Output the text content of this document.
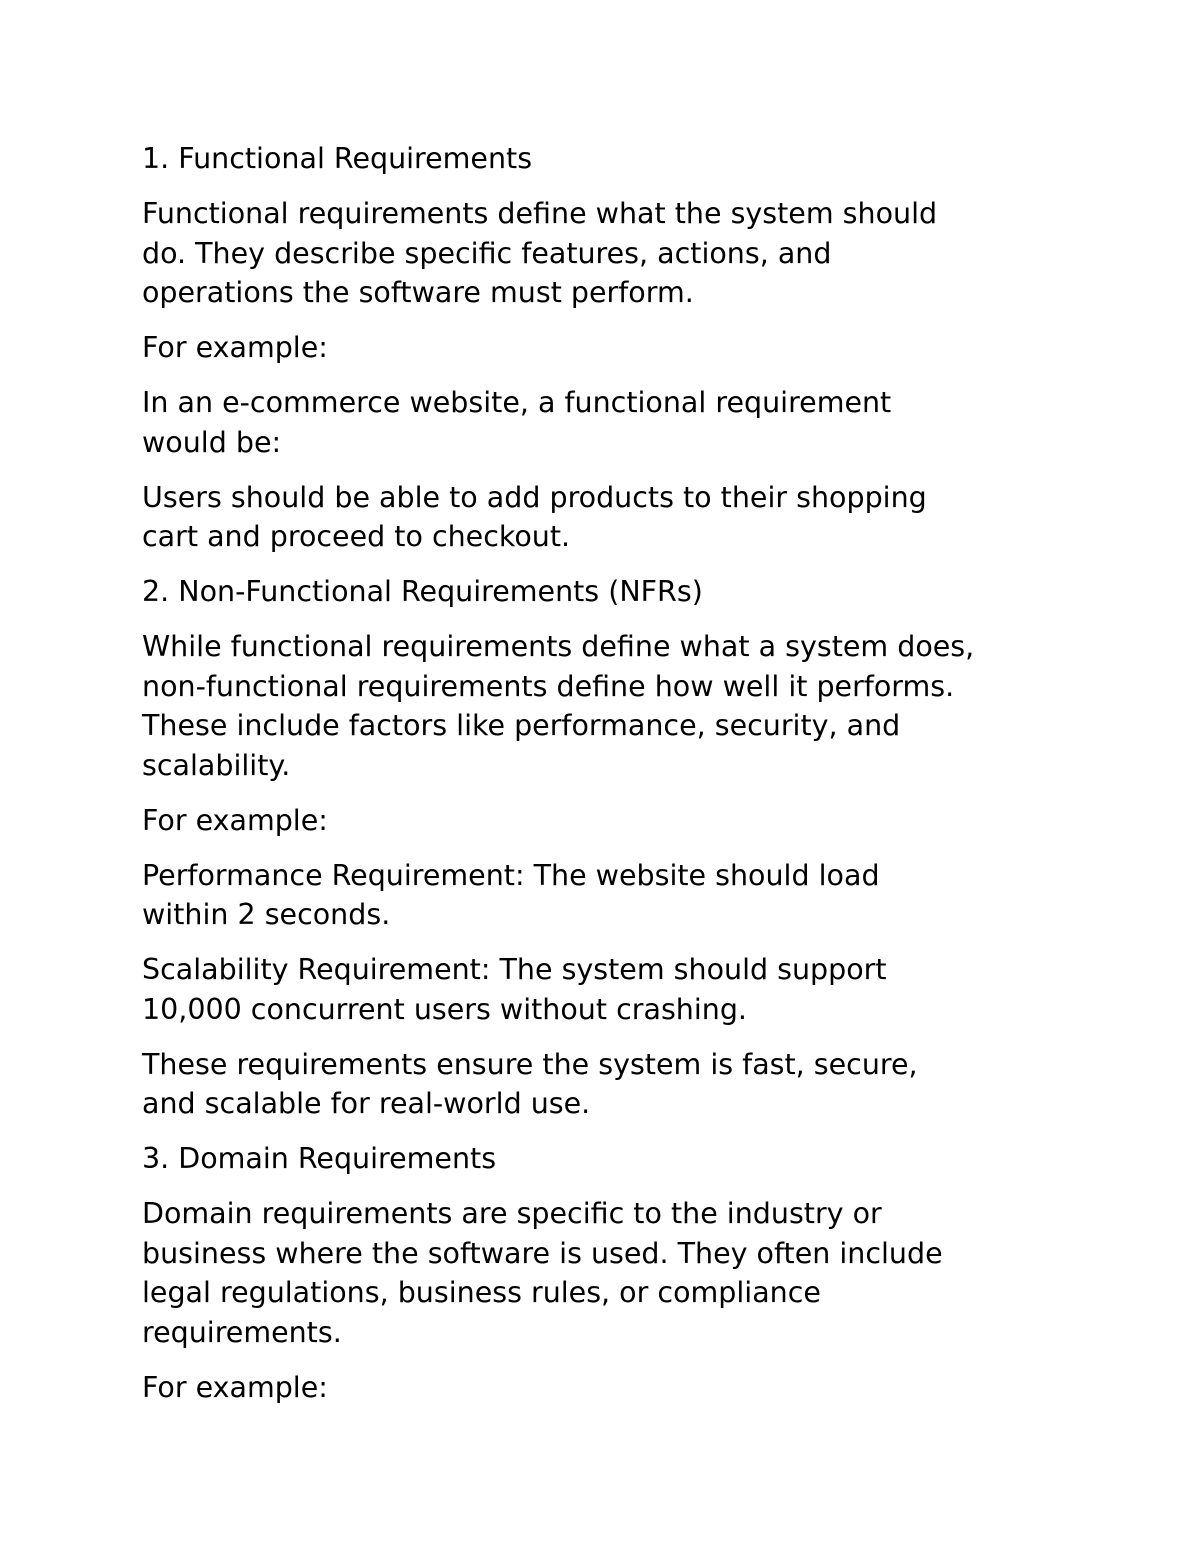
1. Functional Requirements

Functional requirements define what the system should
do. They describe specific features, actions, and
operations the software must perform.

For example:

In an e-commerce website, a functional requirement
would be:

Users should be able to add products to their shopping
cart and proceed to checkout.

2. Non-Functional Requirements (NFRs)

While functional requirements define what a system does,
non-functional requirements define how well it performs.
These include factors like performance, security, and
scalability.

For example:

Performance Requirement: The website should load
within 2 seconds.

Scalability Requirement: The system should support
10,000 concurrent users without crashing.

These requirements ensure the system is fast, secure,
and scalable for real-world use.

3. Domain Requirements

Domain requirements are specific to the industry or
business where the software is used. They often include
legal regulations, business rules, or compliance
requirements.

For example:
